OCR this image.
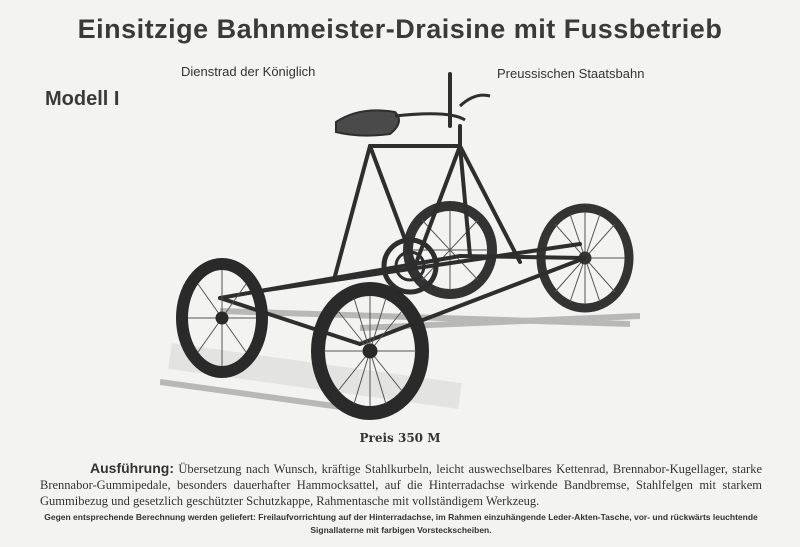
Einsitzige Bahnmeister-Draisine mit Fussbetrieb
Dienstrad der Königlich	Preussischen Staatsbahn
Modell I
Preis 350 M
Ausführung: Übersetzung nach Wunsch, kräftige Stahlkurbeln, leicht auswechselbares Kettenrad, Brennabor-Kugellager, starke Brennabor-Gummipedale, besonders dauerhafter Hammocksattel, auf die Hinterradachse wirkende Bandbremse, Stahlfelgen mit starkem Gummibezug und gesetzlich geschützter Schutzkappe, Rahmentasche mit vollständigem Werkzeug.
Gegen entsprechende Berechnung werden geliefert: Freilaufvorrichtung auf der Hinterradachse, im Rahmen einzuhängende Leder-Akten-Tasche, vor- und rückwärts leuchtende Signallaterne mit farbigen Vorsteckscheiben.
